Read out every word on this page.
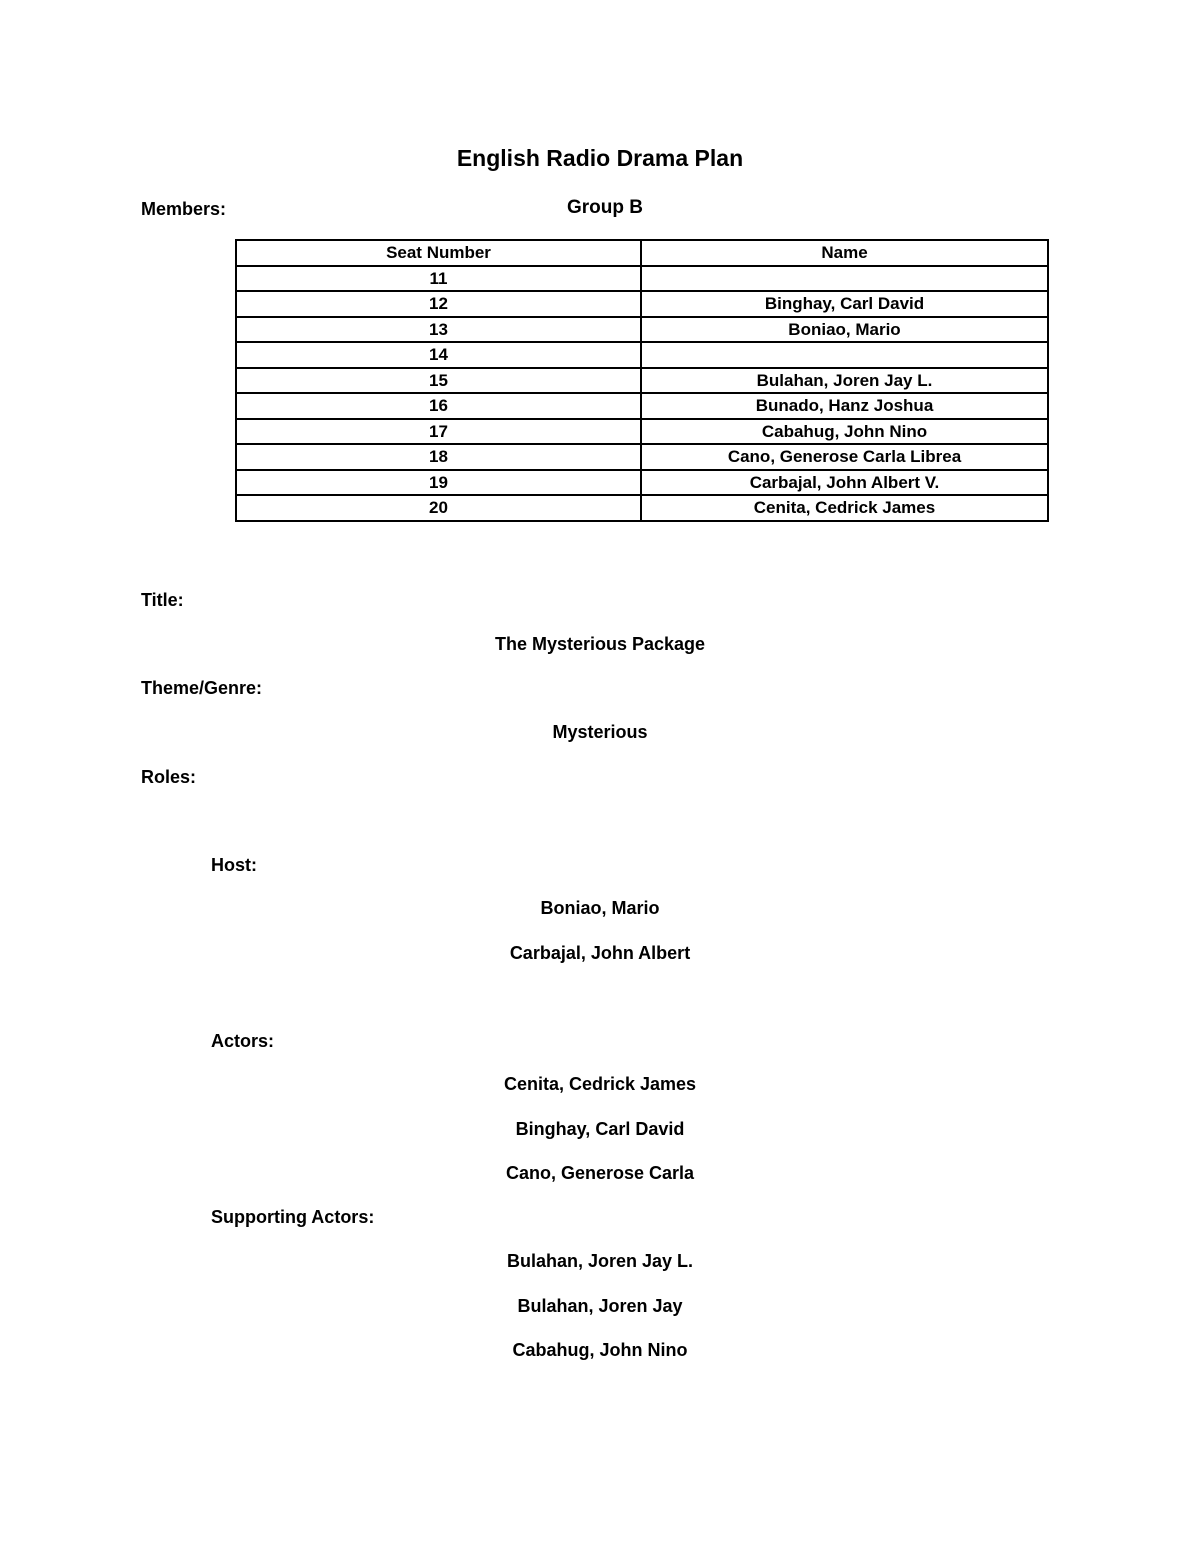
English Radio Drama Plan
Members:	Group B
Seat Number	Name
11	
12	Binghay, Carl David
13	Boniao, Mario
14	
15	Bulahan, Joren Jay L.
16	Bunado, Hanz Joshua
17	Cabahug, John Nino
18	Cano, Generose Carla Librea
19	Carbajal, John Albert V.
20	Cenita, Cedrick James
Title:
The Mysterious Package
Theme/Genre:
Mysterious
Roles:
Host:
Boniao, Mario
Carbajal, John Albert
Actors:
Cenita, Cedrick James
Binghay, Carl David
Cano, Generose Carla
Supporting Actors:
Bulahan, Joren Jay L.
Bulahan, Joren Jay
Cabahug, John Nino
